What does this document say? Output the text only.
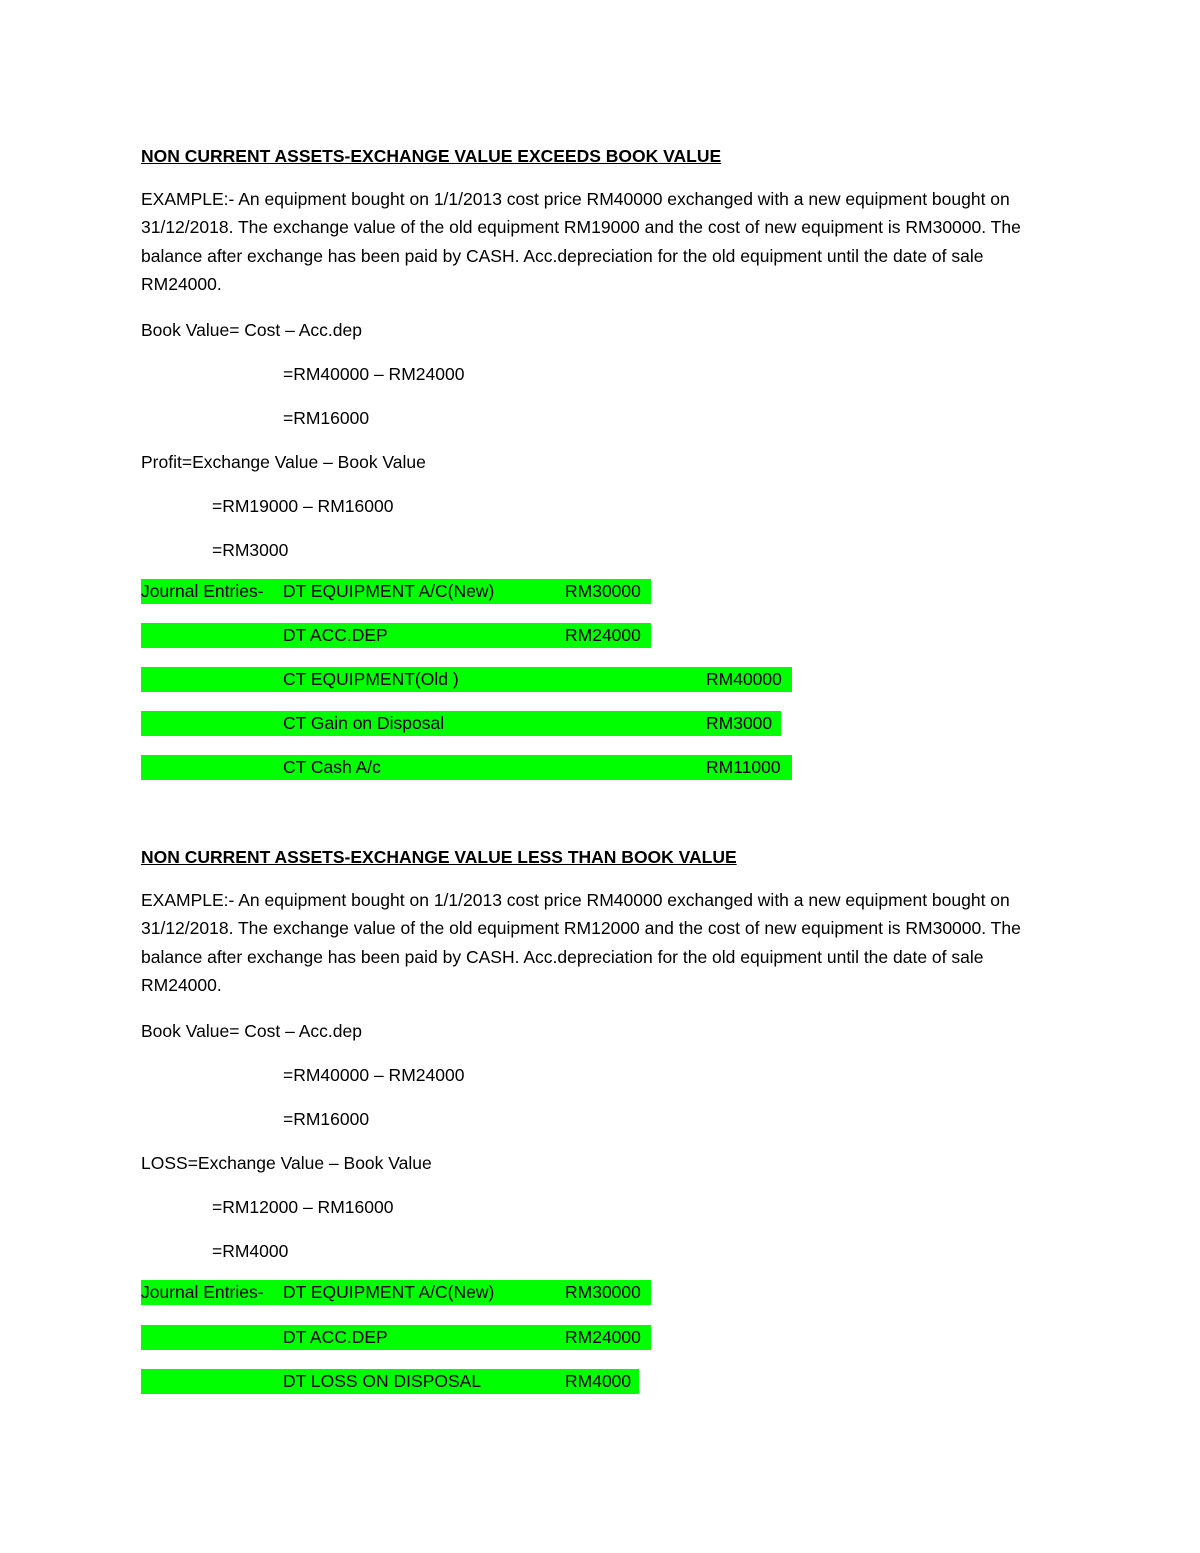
NON CURRENT ASSETS-EXCHANGE VALUE EXCEEDS BOOK VALUE
EXAMPLE:- An equipment bought on 1/1/2013 cost price RM40000 exchanged with a new equipment bought on 31/12/2018. The exchange value of the old equipment RM19000 and the cost of new equipment is RM30000. The balance after exchange has been paid by CASH. Acc.depreciation for the old equipment until the date of sale RM24000.
Book Value= Cost – Acc.dep
=RM40000 – RM24000
=RM16000
Profit=Exchange Value – Book Value
=RM19000 – RM16000
=RM3000
Journal Entries- DT EQUIPMENT A/C(New)	RM30000
DT ACC.DEP	RM24000
CT EQUIPMENT(Old )	RM40000
CT Gain on Disposal	RM3000
CT Cash A/c	RM11000
NON CURRENT ASSETS-EXCHANGE VALUE LESS THAN BOOK VALUE
EXAMPLE:- An equipment bought on 1/1/2013 cost price RM40000 exchanged with a new equipment bought on 31/12/2018. The exchange value of the old equipment RM12000 and the cost of new equipment is RM30000. The balance after exchange has been paid by CASH. Acc.depreciation for the old equipment until the date of sale RM24000.
Book Value= Cost – Acc.dep
=RM40000 – RM24000
=RM16000
LOSS=Exchange Value – Book Value
=RM12000 – RM16000
=RM4000
Journal Entries- DT EQUIPMENT A/C(New)	RM30000
DT ACC.DEP	RM24000
DT LOSS ON DISPOSAL	RM4000
